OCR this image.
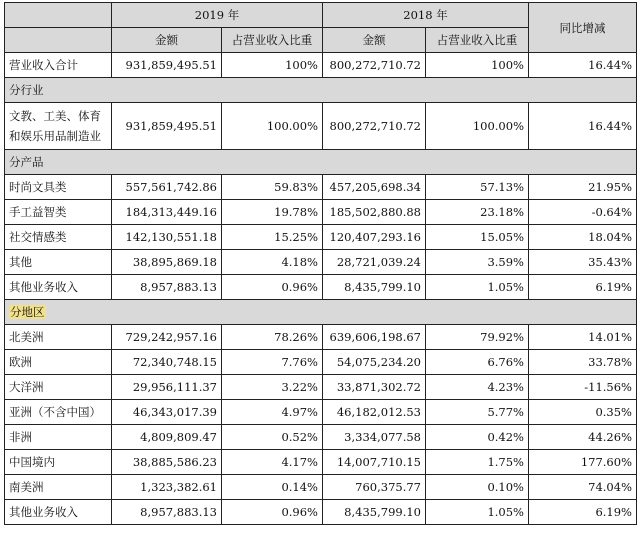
	2019 年		2018 年		同比增减
	金额	占营业收入比重	金额	占营业收入比重	
营业收入合计	931,859,495.51	100%	800,272,710.72	100%	16.44%
分行业					
文教、工美、体育和娱乐用品制造业	931,859,495.51	100.00%	800,272,710.72	100.00%	16.44%
分产品					
时尚文具类	557,561,742.86	59.83%	457,205,698.34	57.13%	21.95%
手工益智类	184,313,449.16	19.78%	185,502,880.88	23.18%	-0.64%
社交情感类	142,130,551.18	15.25%	120,407,293.16	15.05%	18.04%
其他	38,895,869.18	4.18%	28,721,039.24	3.59%	35.43%
其他业务收入	8,957,883.13	0.96%	8,435,799.10	1.05%	6.19%
分地区					
北美洲	729,242,957.16	78.26%	639,606,198.67	79.92%	14.01%
欧洲	72,340,748.15	7.76%	54,075,234.20	6.76%	33.78%
大洋洲	29,956,111.37	3.22%	33,871,302.72	4.23%	-11.56%
亚洲（不含中国）	46,343,017.39	4.97%	46,182,012.53	5.77%	0.35%
非洲	4,809,809.47	0.52%	3,334,077.58	0.42%	44.26%
中国境内	38,885,586.23	4.17%	14,007,710.15	1.75%	177.60%
南美洲	1,323,382.61	0.14%	760,375.77	0.10%	74.04%
其他业务收入	8,957,883.13	0.96%	8,435,799.10	1.05%	6.19%
